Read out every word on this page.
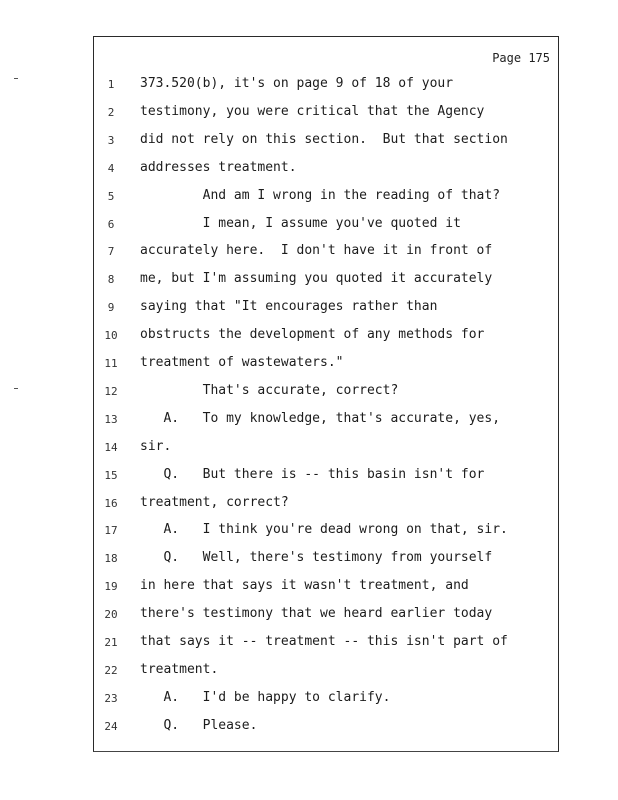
Page 175
1	373.520(b), it's on page 9 of 18 of your
2	testimony, you were critical that the Agency
3	did not rely on this section.  But that section
4	addresses treatment.
5	And am I wrong in the reading of that?
6	I mean, I assume you've quoted it
7	accurately here.  I don't have it in front of
8	me, but I'm assuming you quoted it accurately
9	saying that "It encourages rather than
10	obstructs the development of any methods for
11	treatment of wastewaters."
12	That's accurate, correct?
13	A.   To my knowledge, that's accurate, yes,
14	sir.
15	Q.   But there is -- this basin isn't for
16	treatment, correct?
17	A.   I think you're dead wrong on that, sir.
18	Q.   Well, there's testimony from yourself
19	in here that says it wasn't treatment, and
20	there's testimony that we heard earlier today
21	that says it -- treatment -- this isn't part of
22	treatment.
23	A.   I'd be happy to clarify.
24	Q.   Please.
